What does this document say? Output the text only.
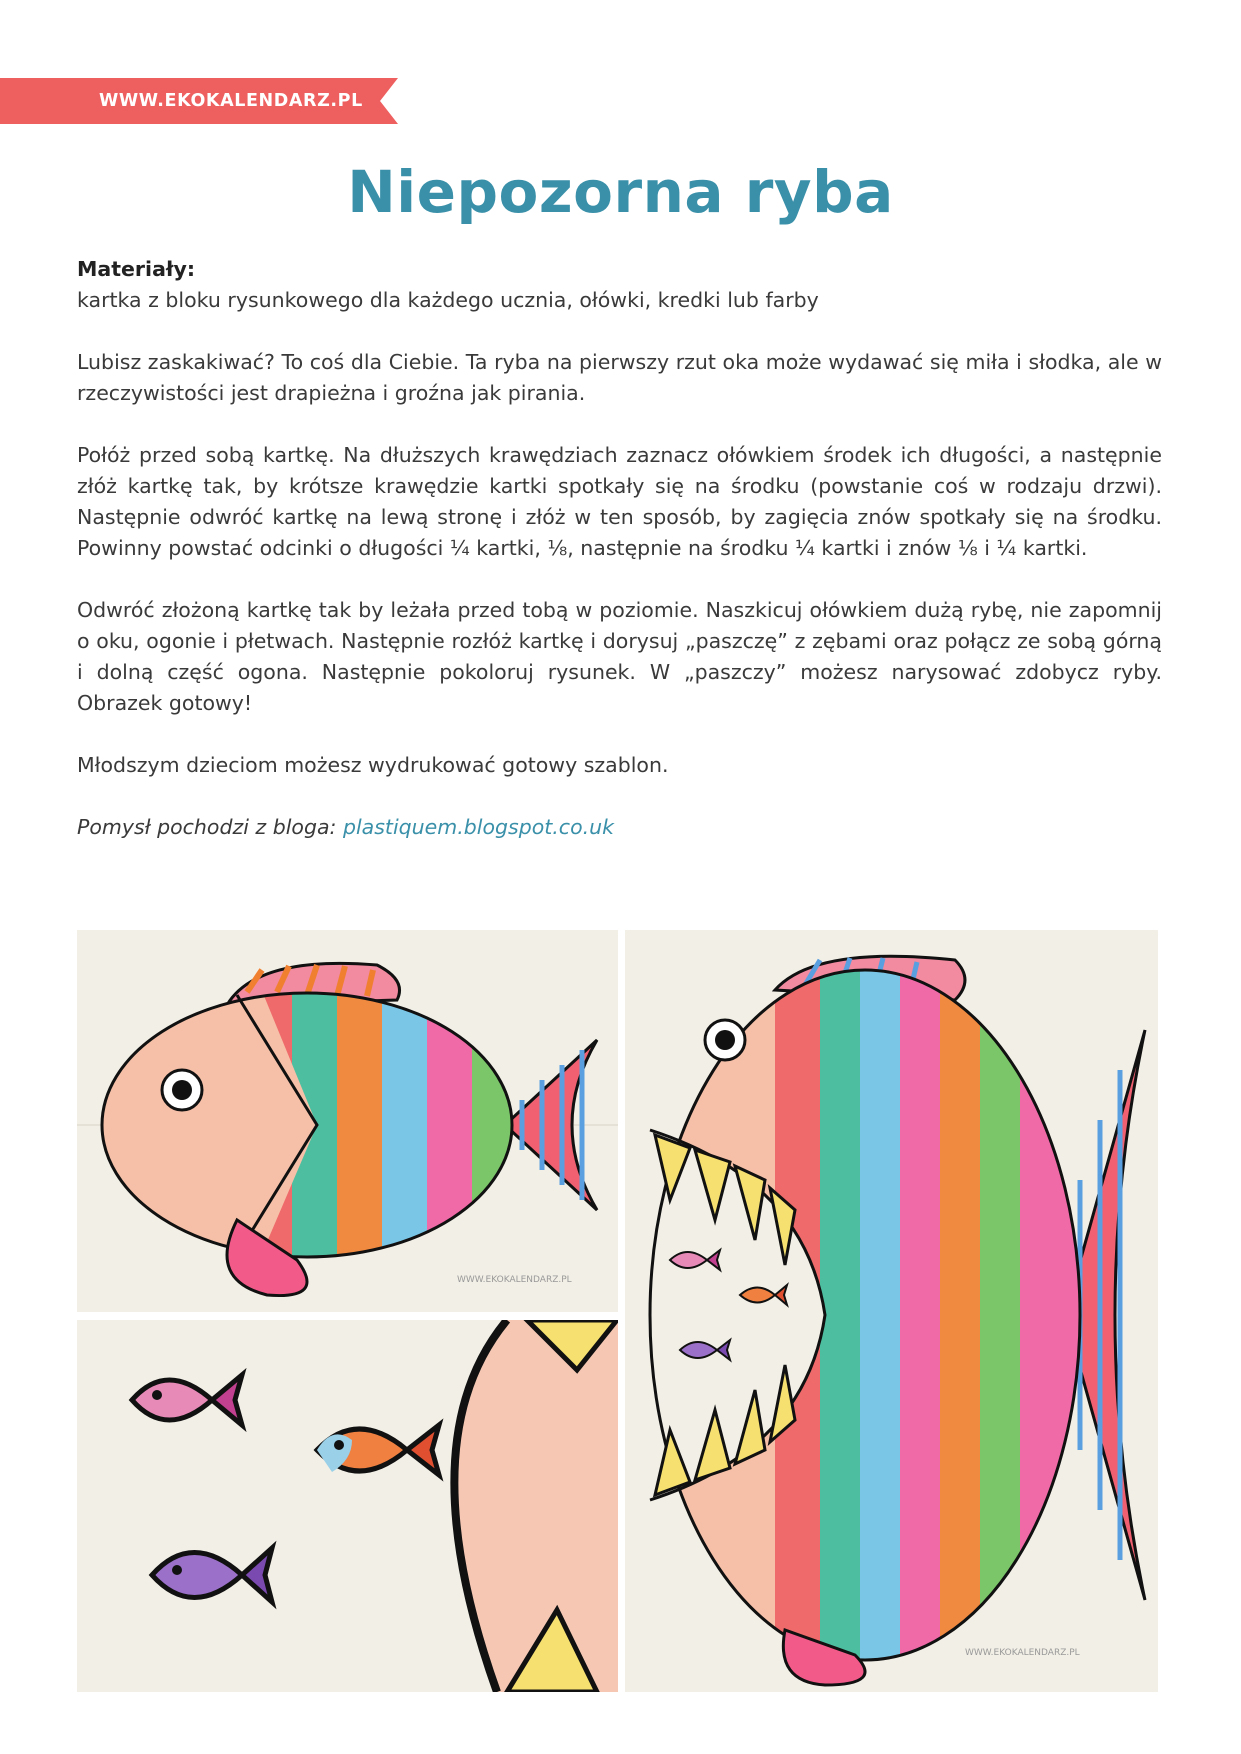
WWW.EKOKALENDARZ.PL
Niepozorna ryba

Materiały:
kartka z bloku rysunkowego dla każdego ucznia, ołówki, kredki lub farby

Lubisz zaskakiwać? To coś dla Ciebie. Ta ryba na pierwszy rzut oka może wydawać się miła i słodka, ale w rzeczywistości jest drapieżna i groźna jak pirania.

Połóż przed sobą kartkę. Na dłuższych krawędziach zaznacz ołówkiem środek ich długości, a następnie złóż kartkę tak, by krótsze krawędzie kartki spotkały się na środku (powstanie coś w rodzaju drzwi). Następnie odwróć kartkę na lewą stronę i złóż w ten sposób, by zagięcia znów spotkały się na środku. Powinny powstać odcinki o długości ¼ kartki, ⅛, następnie na środku ¼ kartki i znów ⅛ i ¼ kartki.

Odwróć złożoną kartkę tak by leżała przed tobą w poziomie. Naszkicuj ołówkiem dużą rybę, nie zapomnij o oku, ogonie i płetwach. Następnie rozłóż kartkę i dorysuj „paszczę” z zębami oraz połącz ze sobą górną i dolną część ogona. Następnie pokoloruj rysunek. W „paszczy” możesz narysować zdobycz ryby. Obrazek gotowy!

Młodszym dzieciom możesz wydrukować gotowy szablon.

Pomysł pochodzi z bloga: plastiquem.blogspot.co.uk

WWW.EKOKALENDARZ.PL
WWW.EKOKALENDARZ.PL
